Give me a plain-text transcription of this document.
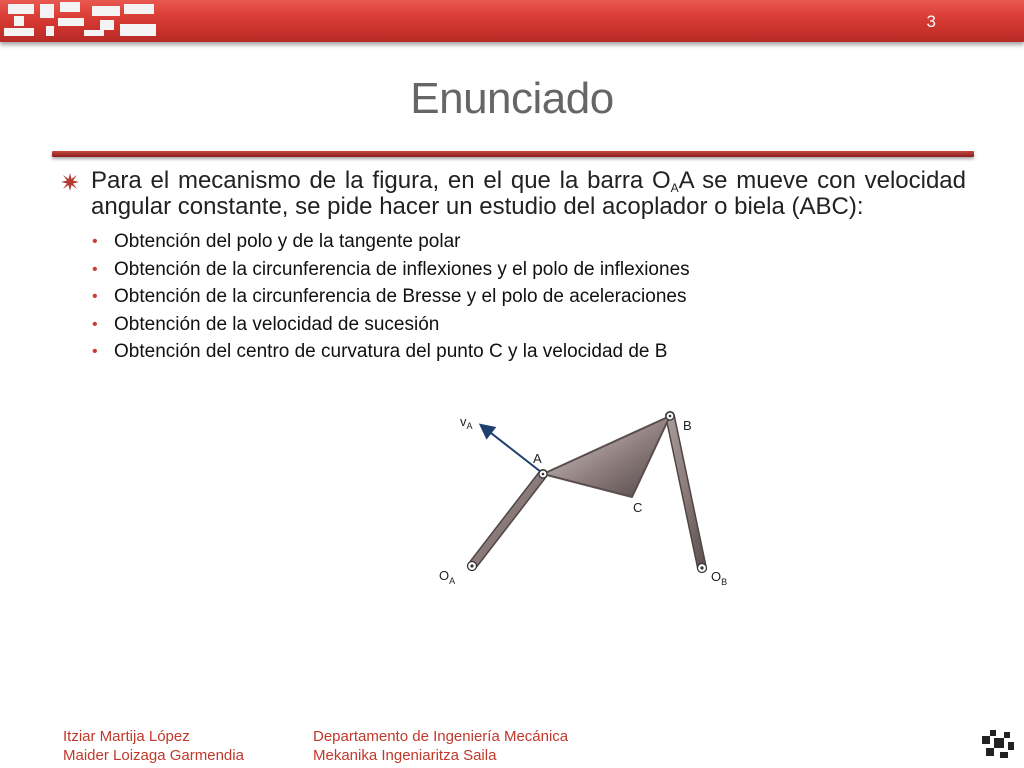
3
Enunciado
Para el mecanismo de la figura, en el que la barra $O_AA$ se mueve con velocidad angular constante, se pide hacer un estudio del acoplador o biela (ABC):
• Obtención del polo y de la tangente polar
• Obtención de la circunferencia de inflexiones y el polo de inflexiones
• Obtención de la circunferencia de Bresse y el polo de aceleraciones
• Obtención de la velocidad de sucesión
• Obtención del centro de curvatura del punto C y la velocidad de B
$v_A$
A
B
C
$O_A$	$O_B$
Itziar Martija López
Maider Loizaga Garmendia
Departamento de Ingeniería Mecánica
Mekanika Ingeniaritza Saila
